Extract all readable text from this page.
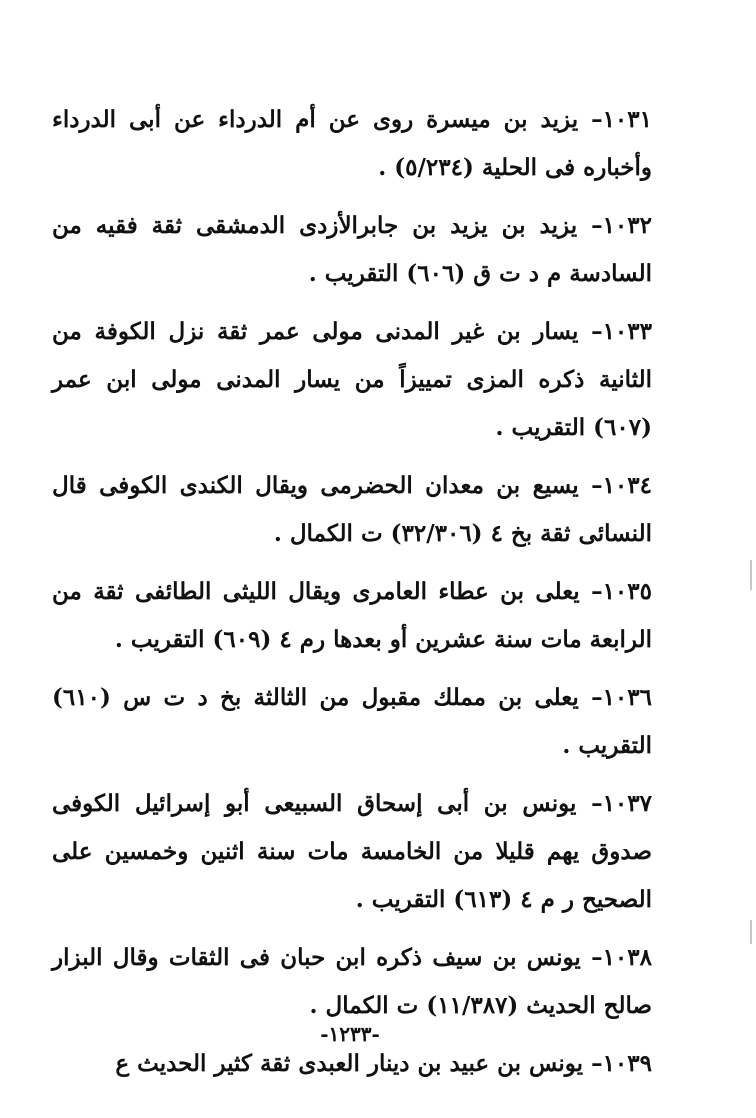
١٠٣١– يزيد بن ميسرة روى عن أم الدرداء عن أبى الدرداء وأخباره فى الحلية (٥/٢٣٤) .

١٠٣٢– يزيد بن يزيد بن جابرالأزدى الدمشقى ثقة فقيه من السادسة م د ت ق (٦٠٦) التقريب .

١٠٣٣– يسار بن غير المدنى مولى عمر ثقة نزل الكوفة من الثانية ذكره المزى تمييزاً من يسار المدنى مولى ابن عمر (٦٠٧) التقريب .

١٠٣٤– يسيع بن معدان الحضرمى ويقال الكندى الكوفى قال النسائى ثقة بخ ٤ (٣٢/٣٠٦) ت الكمال .

١٠٣٥– يعلى بن عطاء العامرى ويقال الليثى الطائفى ثقة من الرابعة مات سنة عشرين أو بعدها رم ٤ (٦٠٩) التقريب .

١٠٣٦– يعلى بن مملك مقبول من الثالثة بخ د ت س (٦١٠) التقريب .

١٠٣٧– يونس بن أبى إسحاق السبيعى أبو إسرائيل الكوفى صدوق يهم قليلا من الخامسة مات سنة اثنين وخمسين على الصحيح ر م ٤ (٦١٣) التقريب .

١٠٣٨– يونس بن سيف ذكره ابن حبان فى الثقات وقال البزار صالح الحديث (١١/٣٨٧) ت الكمال .

١٠٣٩– يونس بن عبيد بن دينار العبدى ثقة كثير الحديث ع

-١٢٣٣-
